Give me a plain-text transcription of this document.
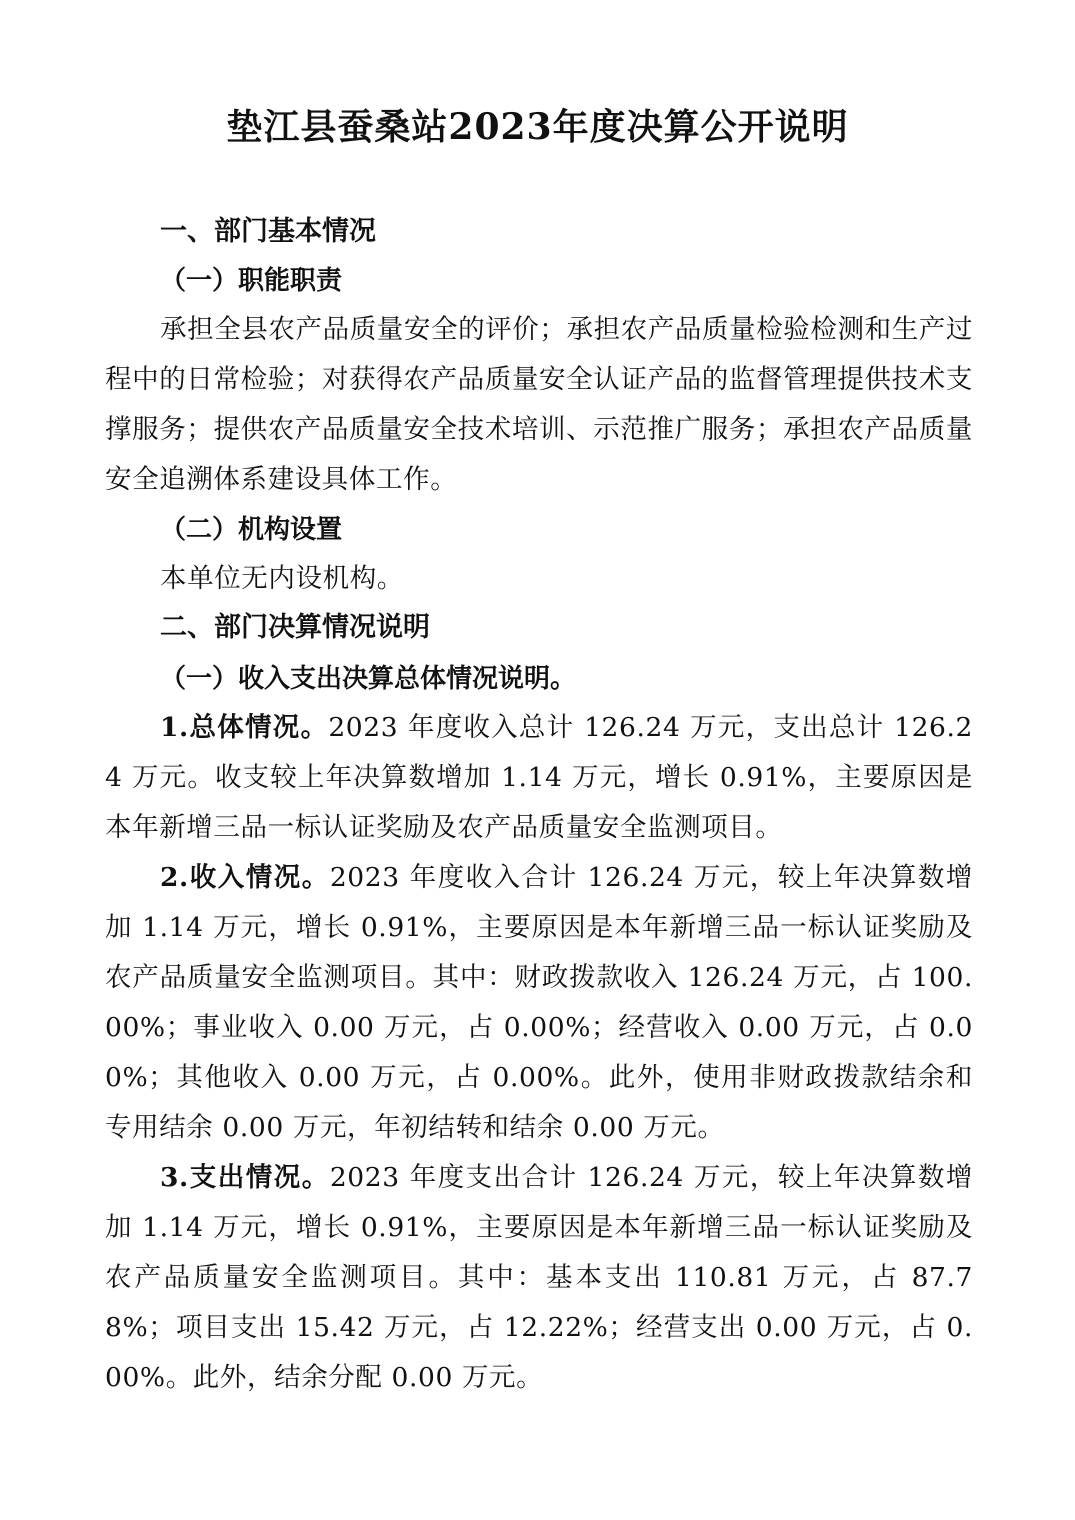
垫江县蚕桑站2023年度决算公开说明
一、部门基本情况
（一）职能职责
承担全县农产品质量安全的评价；承担农产品质量检验检测和生产过程中的日常检验；对获得农产品质量安全认证产品的监督管理提供技术支撑服务；提供农产品质量安全技术培训、示范推广服务；承担农产品质量安全追溯体系建设具体工作。
（二）机构设置
本单位无内设机构。
二、部门决算情况说明
（一）收入支出决算总体情况说明。
1.总体情况。2023 年度收入总计 126.24 万元，支出总计 126.24 万元。收支较上年决算数增加 1.14 万元，增长 0.91%，主要原因是本年新增三品一标认证奖励及农产品质量安全监测项目。
2.收入情况。2023 年度收入合计 126.24 万元，较上年决算数增加 1.14 万元，增长 0.91%，主要原因是本年新增三品一标认证奖励及农产品质量安全监测项目。其中：财政拨款收入 126.24 万元，占 100.00%；事业收入 0.00 万元，占 0.00%；经营收入 0.00 万元，占 0.00%；其他收入 0.00 万元，占 0.00%。此外，使用非财政拨款结余和专用结余 0.00 万元，年初结转和结余 0.00 万元。
3.支出情况。2023 年度支出合计 126.24 万元，较上年决算数增加 1.14 万元，增长 0.91%，主要原因是本年新增三品一标认证奖励及农产品质量安全监测项目。其中：基本支出 110.81 万元，占 87.78%；项目支出 15.42 万元，占 12.22%；经营支出 0.00 万元，占 0.00%。此外，结余分配 0.00 万元。
